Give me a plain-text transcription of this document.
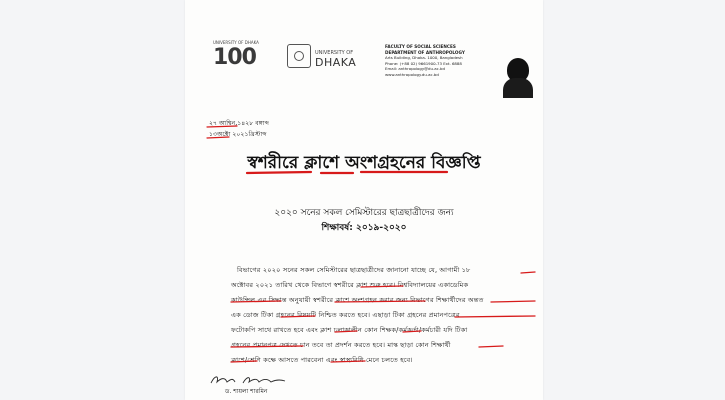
UNIVERSITY OF DHAKA
100	UNIVERSITY OF
DHAKA
FACULTY OF SOCIAL SCIENCES
DEPARTMENT OF ANTHROPOLOGY
Arts Building, Dhaka- 1000, Bangladesh
Phone: (+88 02) 9661900-73 Ext. 6888
Email: anthropology@du.ac.bd
www.anthropology.du.ac.bd
২৭ আশ্বিন,১৪২৮ বঙ্গাব্দ
১৩অক্টো ২০২১খ্রিস্টাব্দ
স্বশরীরে ক্লাশে অংশগ্রহনের বিজ্ঞপ্তি
২০২০ সনের সকল সেমিস্টারের ছাত্রছাত্রীদের জন্য
শিক্ষাবর্ষ: ২০১৯-২০২০
বিভাগের ২০২০ সনের সকল সেমিস্টারের ছাত্রছাত্রীদের জানানো যাচ্ছে যে, আগামী ১৮
অক্টোবর ২০২১ তারিখ থেকে বিভাগে স্বশরীরে ক্লাশ শুরু হবে। বিশ্ববিদ্যালয়ের একাডেমিক
কাউন্সিল এর সিদ্ধান্ত অনুযায়ী স্বশরীরে ক্লাশে অংশগ্রহন করার জন্য বিভাগের শিক্ষার্থীদের অন্তত
এক ডোজ টিকা গ্রহনের বিষয়টি নিশ্চিত করতে হবে। এছাড়া টিকা গ্রহনের প্রমানপত্রের
ফটোকপি সাথে রাখতে হবে এবং ক্লাশ চলাকালীন কোন শিক্ষক/কর্মকর্তা/কর্মচারী যদি টিকা
গ্রহনের প্রমানপত্র দেখতে চান তবে তা প্রদর্শন করতে হবে। মাস্ক ছাড়া কোন শিক্ষার্থী
ক্লাশে/শ্রেণি কক্ষে আসতে পারবেনা এবং স্বাস্থ্যবিধি মেনে চলতে হবে।
ড. শায়লা শারমিন
